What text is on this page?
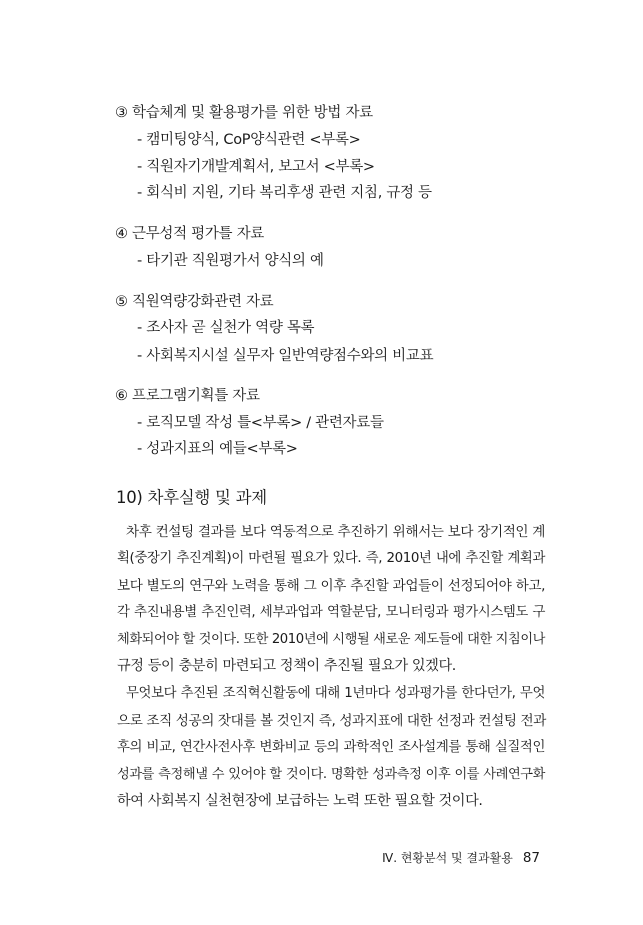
③ 학습체계 및 활용평가를 위한 방법 자료
- 캠미팅양식, CoP양식관련 <부록>
- 직원자기개발계획서, 보고서 <부록>
- 회식비 지원, 기타 복리후생 관련 지침, 규정 등
④ 근무성적 평가틀 자료
- 타기관 직원평가서 양식의 예
⑤ 직원역량강화관련 자료
- 조사자 곧 실천가 역량 목록
- 사회복지시설 실무자 일반역량점수와의 비교표
⑥ 프로그램기획틀 자료
- 로직모델 작성 틀<부록> / 관련자료들
- 성과지표의 예들<부록>
10) 차후실행 및 과제
차후 컨설팅 결과를 보다 역동적으로 추진하기 위해서는 보다 장기적인 계
획(중장기 추진계획)이 마련될 필요가 있다. 즉, 2010년 내에 추진할 계획과
보다 별도의 연구와 노력을 통해 그 이후 추진할 과업들이 선정되어야 하고,
각 추진내용별 추진인력, 세부과업과 역할분담, 모니터링과 평가시스템도 구
체화되어야 할 것이다. 또한 2010년에 시행될 새로운 제도들에 대한 지침이나
규정 등이 충분히 마련되고 정책이 추진될 필요가 있겠다.
무엇보다 추진된 조직혁신활동에 대해 1년마다 성과평가를 한다던가, 무엇
으로 조직 성공의 잣대를 볼 것인지 즉, 성과지표에 대한 선정과 컨설팅 전과
후의 비교, 연간사전사후 변화비교 등의 과학적인 조사설계를 통해 실질적인
성과를 측정해낼 수 있어야 할 것이다. 명확한 성과측정 이후 이를 사례연구화
하여 사회복지 실천현장에 보급하는 노력 또한 필요할 것이다.
Ⅳ. 현황분석 및 결과활용 87
